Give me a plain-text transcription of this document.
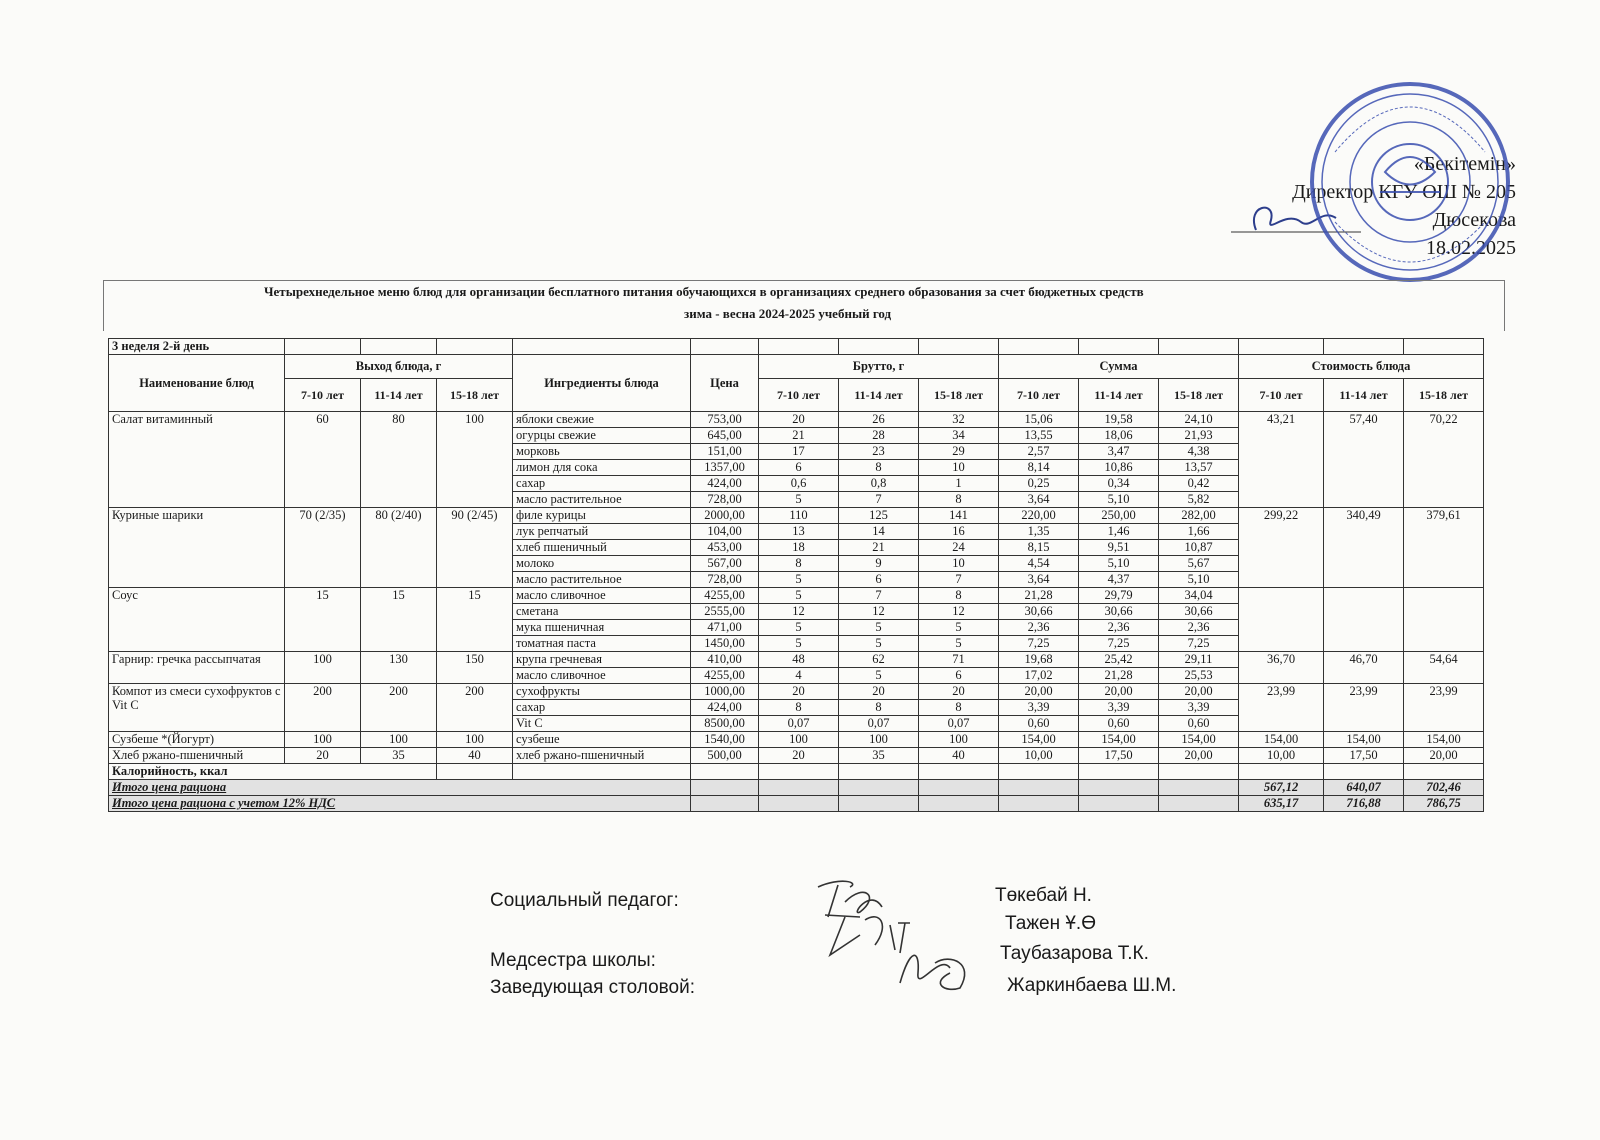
«Бекітемін»
Директор КГУ ОШ № 205
Дюсекова
18.02.2025
Четырехнедельное меню блюд для организации бесплатного питания обучающихся в организациях среднего образования за счет бюджетных средств
зима - весна 2024-2025 учебный год
3 неделя 2-й день														
Наименование блюд	Выход блюда, г			Ингредиенты блюда	Цена	Брутто, г			Сумма			Стоимость блюда		
	7-10 лет	11-14 лет	15-18 лет			7-10 лет	11-14 лет	15-18 лет	7-10 лет	11-14 лет	15-18 лет	7-10 лет	11-14 лет	15-18 лет
Салат витаминный	60	80	100	яблоки свежие	753,00	20	26	32	15,06	19,58	24,10	43,21	57,40	70,22
				огурцы свежие	645,00	21	28	34	13,55	18,06	21,93			
				морковь	151,00	17	23	29	2,57	3,47	4,38			
				лимон для сока	1357,00	6	8	10	8,14	10,86	13,57			
				сахар	424,00	0,6	0,8	1	0,25	0,34	0,42			
				масло растительное	728,00	5	7	8	3,64	5,10	5,82			
Куриные шарики	70 (2/35)	80 (2/40)	90 (2/45)	филе курицы	2000,00	110	125	141	220,00	250,00	282,00	299,22	340,49	379,61
				лук репчатый	104,00	13	14	16	1,35	1,46	1,66			
				хлеб пшеничный	453,00	18	21	24	8,15	9,51	10,87			
				молоко	567,00	8	9	10	4,54	5,10	5,67			
				масло растительное	728,00	5	6	7	3,64	4,37	5,10			
Соус	15	15	15	масло сливочное	4255,00	5	7	8	21,28	29,79	34,04			
				сметана	2555,00	12	12	12	30,66	30,66	30,66			
				мука пшеничная	471,00	5	5	5	2,36	2,36	2,36			
				томатная паста	1450,00	5	5	5	7,25	7,25	7,25			
Гарнир: гречка рассыпчатая	100	130	150	крупа гречневая	410,00	48	62	71	19,68	25,42	29,11	36,70	46,70	54,64
				масло сливочное	4255,00	4	5	6	17,02	21,28	25,53			
Компот из смеси сухофруктов с Vit C	200	200	200	сухофрукты	1000,00	20	20	20	20,00	20,00	20,00	23,99	23,99	23,99
				сахар	424,00	8	8	8	3,39	3,39	3,39			
				Vit C	8500,00	0,07	0,07	0,07	0,60	0,60	0,60			
Сузбеше *(Йогурт)	100	100	100	сузбеше	1540,00	100	100	100	154,00	154,00	154,00	154,00	154,00	154,00
Хлеб ржано-пшеничный	20	35	40	хлеб ржано-пшеничный	500,00	20	35	40	10,00	17,50	20,00	10,00	17,50	20,00
Калорийность, ккал														
Итого цена рациона												567,12	640,07	702,46
Итого цена рациона с учетом 12% НДС												635,17	716,88	786,75
Социальный педагог:	Төкебай Н.
Тажен Ұ.Ө
Медсестра школы:	Таубазарова Т.К.
Заведующая столовой:	Жаркинбаева Ш.М.
